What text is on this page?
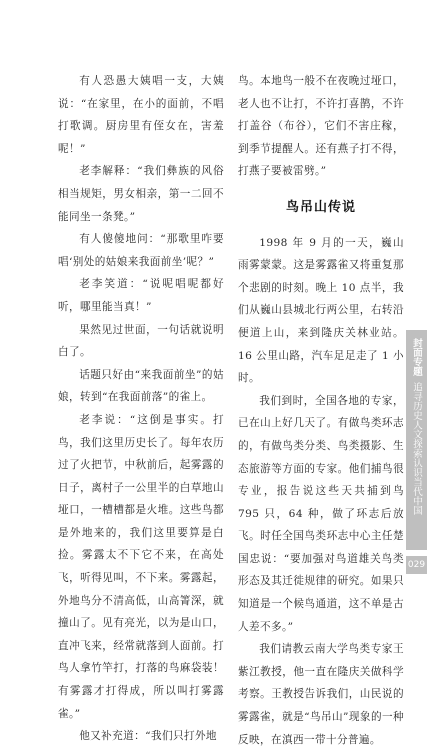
有人恐愚大姨唱一支，大姨说：“在家里，在小的面前，不唱打歌调。厨房里有侄女在，害羞呢！”

老李解释：“我们彝族的风俗相当规矩，男女相亲，第一二回不能同坐一条凳。”

有人傻傻地问：“那歌里咋要唱‘别处的姑娘来我面前坐’呢？”

老李笑道：“说呢唱呢都好听，哪里能当真！”

果然见过世面，一句话就说明白了。

话题只好由“来我面前坐”的姑娘，转到“在我面前落”的雀上。

老李说：“这倒是事实。打鸟，我们这里历史长了。每年农历过了火把节，中秋前后，起雾露的日子，离村子一公里半的白草地山垭口，一槽槽都是火堆。这些鸟都是外地来的，我们这里要算是白捡。雾露太不下它不来，在高处飞，听得见叫，不下来。雾露起，外地鸟分不清高低，山高箐深，就撞山了。见有亮光，以为是山口，直冲飞来，经常就落到人面前。打鸟人拿竹竿打，打落的鸟麻袋装！有雾露才打得成，所以叫打雾露雀。”

他又补充道：“我们只打外地

鸟。本地鸟一般不在夜晚过垭口，老人也不让打，不许打喜鹊，不许打盖谷（布谷），它们不害庄稼，到季节提醒人。还有燕子打不得，打燕子要被雷劈。”

鸟吊山传说

1998 年 9 月的一天，巍山雨雾蒙蒙。这是雾露雀又将重复那个悲剧的时刻。晚上 10 点半，我们从巍山县城北行两公里，右转沿便道上山，来到隆庆关林业站。16 公里山路，汽车足足走了 1 小时。

我们到时，全国各地的专家，已在山上好几天了。有做鸟类环志的，有做鸟类分类、鸟类摄影、生态旅游等方面的专家。他们捕鸟很专业，报告说这些天共捕到鸟 795 只，64 种，做了环志后放飞。时任全国鸟类环志中心主任楚国忠说：“要加强对鸟道雄关鸟类形态及其迁徙规律的研究。如果只知道是一个候鸟通道，这不单是古人差不多。”

我们请教云南大学鸟类专家王紫江教授，他一直在隆庆关做科学考察。王教授告诉我们，山民说的雾露雀，就是“鸟吊山”现象的一种反映，在滇西一带十分普遍。

封面专题
追寻历史人文探索认识当代中国
029
